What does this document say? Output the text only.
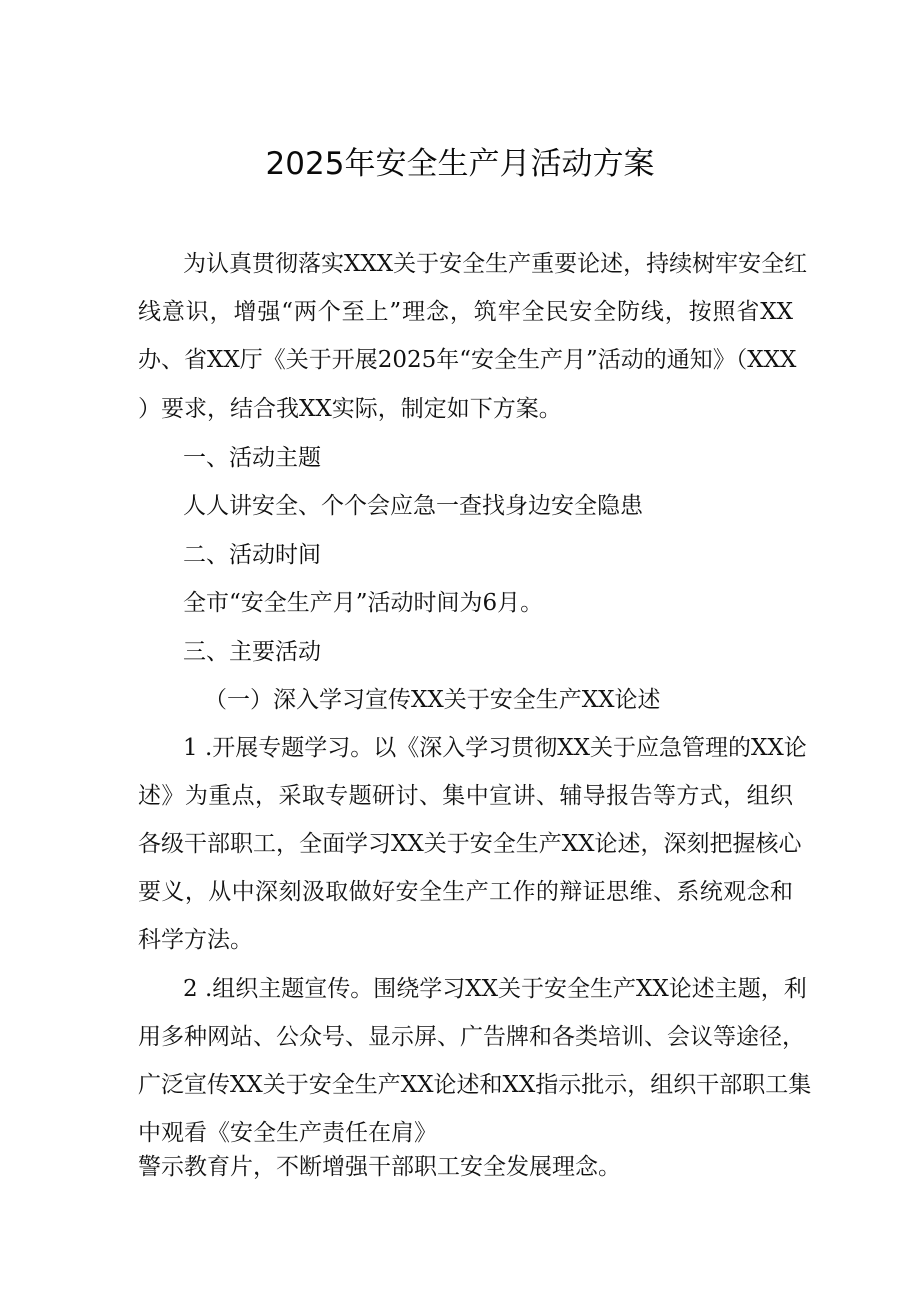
2025年安全生产月活动方案
为认真贯彻落实XXX关于安全生产重要论述，持续树牢安全红
线意识，增强“两个至上”理念，筑牢全民安全防线，按照省XX
办、省XX厅《关于开展2025年“安全生产月”活动的通知》（XXX
）要求，结合我XX实际，制定如下方案。
一、活动主题
人人讲安全、个个会应急一查找身边安全隐患
二、活动时间
全市“安全生产月”活动时间为6月。
三、主要活动
（一）深入学习宣传XX关于安全生产XX论述
1 .开展专题学习。以《深入学习贯彻XX关于应急管理的XX论
述》为重点，采取专题研讨、集中宣讲、辅导报告等方式，组织
各级干部职工，全面学习XX关于安全生产XX论述，深刻把握核心
要义，从中深刻汲取做好安全生产工作的辩证思维、系统观念和
科学方法。
2 .组织主题宣传。围绕学习XX关于安全生产XX论述主题，利
用多种网站、公众号、显示屏、广告牌和各类培训、会议等途径，
广泛宣传XX关于安全生产XX论述和XX指示批示，组织干部职工集
中观看《安全生产责任在肩》
警示教育片，不断增强干部职工安全发展理念。
